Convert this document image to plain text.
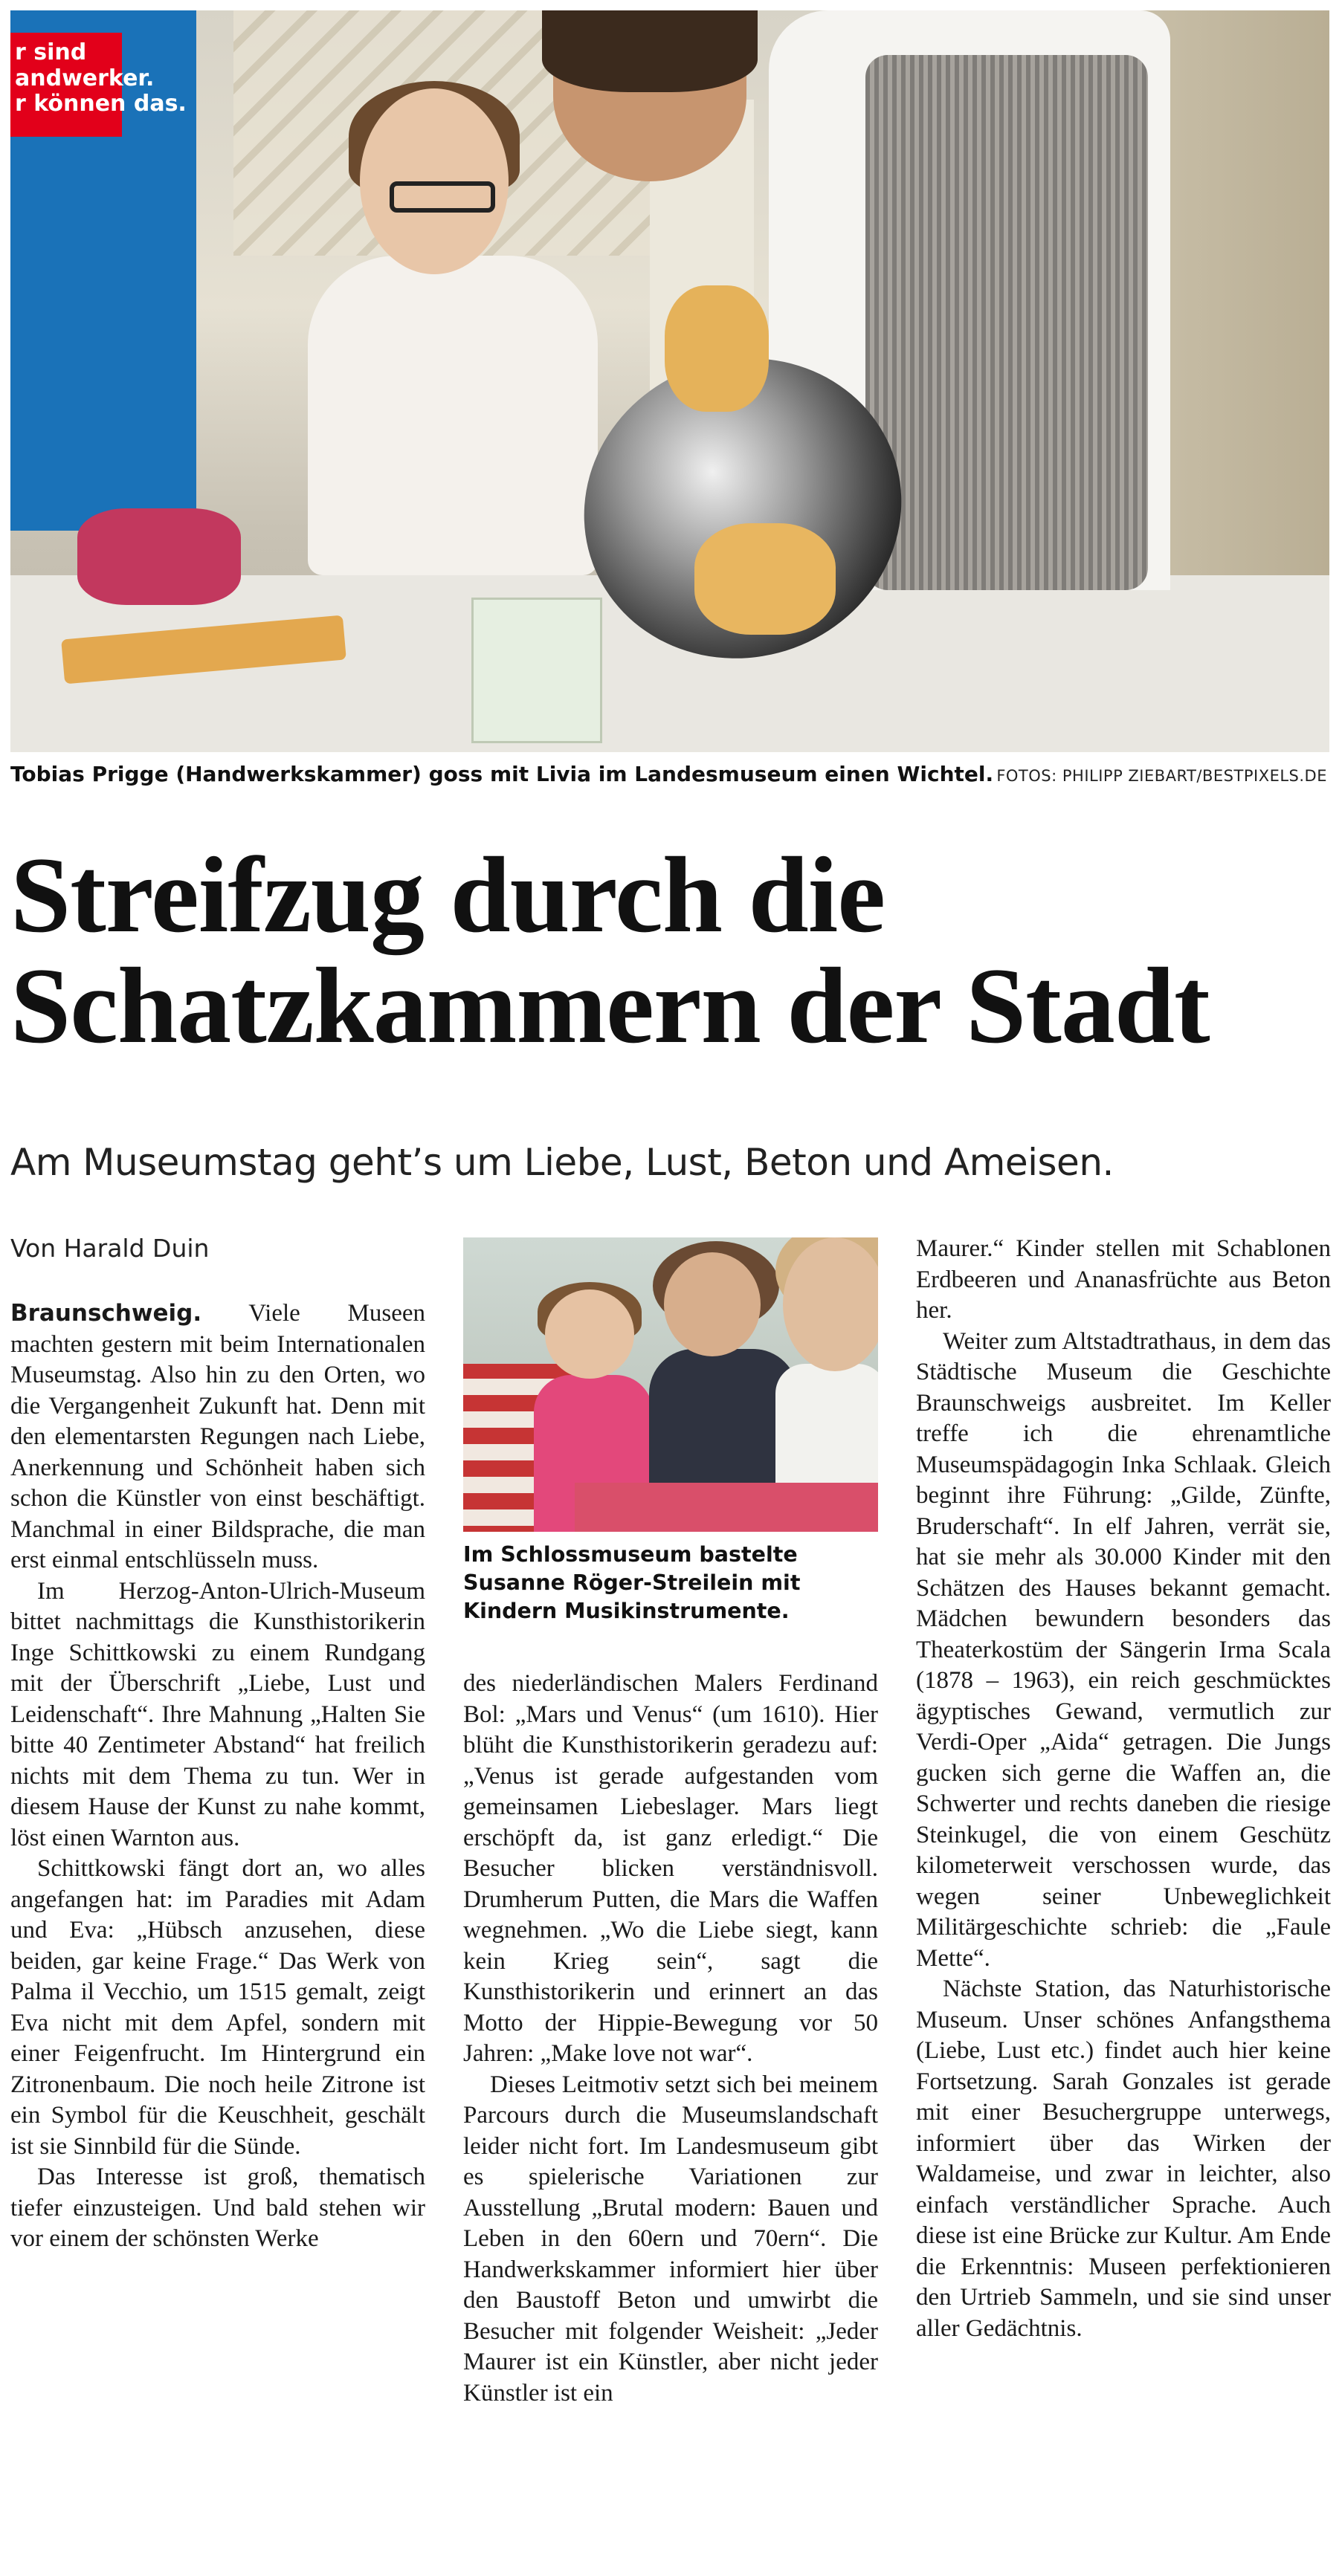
r sind
andwerker.
r können das.
Tobias Prigge (Handwerkskammer) goss mit Livia im Landesmuseum einen Wichtel. FOTOS: PHILIPP ZIEBART/BESTPIXELS.DE
Streifzug durch die
Schatzkammern der Stadt
Am Museumstag geht’s um Liebe, Lust, Beton und Ameisen.
Von Harald Duin

Braunschweig. Viele Museen machten gestern mit beim Internationalen Museumstag. Also hin zu den Orten, wo die Vergangenheit Zukunft hat. Denn mit den elementarsten Regungen nach Liebe, Anerkennung und Schönheit haben sich schon die Künstler von einst beschäftigt. Manchmal in einer Bildsprache, die man erst einmal entschlüsseln muss.

Im Herzog-Anton-Ulrich-Museum bittet nachmittags die Kunsthistorikerin Inge Schittkowski zu einem Rundgang mit der Überschrift „Liebe, Lust und Leidenschaft“. Ihre Mahnung „Halten Sie bitte 40 Zentimeter Abstand“ hat freilich nichts mit dem Thema zu tun. Wer in diesem Hause der Kunst zu nahe kommt, löst einen Warnton aus.

Schittkowski fängt dort an, wo alles angefangen hat: im Paradies mit Adam und Eva: „Hübsch anzusehen, diese beiden, gar keine Frage.“ Das Werk von Palma il Vecchio, um 1515 gemalt, zeigt Eva nicht mit dem Apfel, sondern mit einer Feigenfrucht. Im Hintergrund ein Zitronenbaum. Die noch heile Zitrone ist ein Symbol für die Keuschheit, geschält ist sie Sinnbild für die Sünde.

Das Interesse ist groß, thematisch tiefer einzusteigen. Und bald stehen wir vor einem der schönsten Werke

Im Schlossmuseum bastelte Susanne Röger-Streilein mit Kindern Musikinstrumente.

des niederländischen Malers Ferdinand Bol: „Mars und Venus“ (um 1610). Hier blüht die Kunsthistorikerin geradezu auf: „Venus ist gerade aufgestanden vom gemeinsamen Liebeslager. Mars liegt erschöpft da, ist ganz erledigt.“ Die Besucher blicken verständnisvoll. Drumherum Putten, die Mars die Waffen wegnehmen. „Wo die Liebe siegt, kann kein Krieg sein“, sagt die Kunsthistorikerin und erinnert an das Motto der Hippie-Bewegung vor 50 Jahren: „Make love not war“.

Dieses Leitmotiv setzt sich bei meinem Parcours durch die Museumslandschaft leider nicht fort. Im Landesmuseum gibt es spielerische Variationen zur Ausstellung „Brutal modern: Bauen und Leben in den 60ern und 70ern“. Die Handwerkskammer informiert hier über den Baustoff Beton und umwirbt die Besucher mit folgender Weisheit: „Jeder Maurer ist ein Künstler, aber nicht jeder Künstler ist ein

Maurer.“ Kinder stellen mit Schablonen Erdbeeren und Ananasfrüchte aus Beton her.

Weiter zum Altstadtrathaus, in dem das Städtische Museum die Geschichte Braunschweigs ausbreitet. Im Keller treffe ich die ehrenamtliche Museumspädagogin Inka Schlaak. Gleich beginnt ihre Führung: „Gilde, Zünfte, Bruderschaft“. In elf Jahren, verrät sie, hat sie mehr als 30.000 Kinder mit den Schätzen des Hauses bekannt gemacht. Mädchen bewundern besonders das Theaterkostüm der Sängerin Irma Scala (1878 – 1963), ein reich geschmücktes ägyptisches Gewand, vermutlich zur Verdi-Oper „Aida“ getragen. Die Jungs gucken sich gerne die Waffen an, die Schwerter und rechts daneben die riesige Steinkugel, die von einem Geschütz kilometerweit verschossen wurde, das wegen seiner Unbeweglichkeit Militärgeschichte schrieb: die „Faule Mette“.

Nächste Station, das Naturhistorische Museum. Unser schönes Anfangsthema (Liebe, Lust etc.) findet auch hier keine Fortsetzung. Sarah Gonzales ist gerade mit einer Besuchergruppe unterwegs, informiert über das Wirken der Waldameise, und zwar in leichter, also einfach verständlicher Sprache. Auch diese ist eine Brücke zur Kultur. Am Ende die Erkenntnis: Museen perfektionieren den Urtrieb Sammeln, und sie sind unser aller Gedächtnis.
